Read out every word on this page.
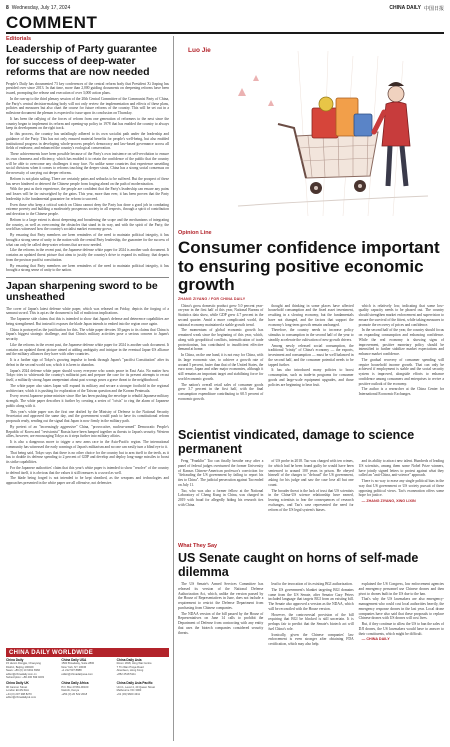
8 Wednesday, July 17, 2024	CHINA DAILY 中国日报
COMMENT
Editorials
Leadership of Party guarantee for success of deep-water reforms that are now needed

People's Daily has documented 73 key conferences of the central reform body that President Xi Jinping has presided over since 2013. In that time, more than 2,000 guiding documents on deepening reforms have been issued, prompting the release and execution of over 3,000 action plans.

In the run-up to the third plenary session of the 20th Central Committee of the Communist Party of China, the Party's central decision-making body will not only review the implementation and effects of these plans, policies and measures but also chart the course for future reforms of the country. This will be set out in a milestone document the plenum is expected to issue upon its conclusion on Thursday.

It has been the rallying of the forces of reform from one generation of reformers to the next since the country began to implement its reform and opening-up policy in 1978 that has enabled the country to always keep its development on the right track.

In this process, the country has unfailingly adhered to its own socialist path under the leadership and guidance of the Party. This has not only ensured material benefits for people's well-being, but also enabled institutional progress in developing whole-process people's democracy and law-based governance across all fields of endeavor, and enhanced the country's ecological conservation.

These achievements have been possible because of the Party's own insistence on self-revolution to ensure its own cleanness and efficiency, which has enabled it to retain the confidence of the public that the country will be able to overcome any challenges it may face. No unlike some countries that experience unsettling social divisions when it comes to reforms touching the deeper strata, China has a strong social consensus on the necessity of carrying out deeper reforms.

Reform is not plain sailing. There are certainly pains and setbacks to be suffered. But the prospect of these has never hindered or deterred the Chinese people from forging ahead on the path of modernization.

With the past as their experience, the people are confident that the Party's leadership can ensure any pains and losses will be far outweighed by the gains. This year, more than ever, it has been proven that the Party leadership is the fundamental guarantee for reform to succeed.

Even those who keep a critical watch on China cannot deny the Party has done a good job in combating extreme poverty and building a moderately prosperous society in all respects, through a spirit of contribution and devotion to the Chinese people.

Reform to a large extent is about deepening and broadening the scope and the mechanisms of integrating the country, as well as overcoming the obstacles that stand in its way, and with the spirit of the Party, the world has witnessed how the country's socialist market economy grows.

By ensuring that Party members are keen reminders of the need to maintain political integrity, it has brought a strong sense of unity to the nation with the central Party leadership, the guarantee for the success of what can only be called deep-water reforms that are now needed.

Like the reforms in the recent past, the Japanese defense white paper for 2024 is another such document. It contains an updated threat picture that aims to justify the country's drive to expand its military, that departs from the postwar pacifist constitution.

By ensuring that Party members are keen reminders of the need to maintain political integrity, it has brought a strong sense of unity to the nation.

Japan sharpening sword to be unsheathed

The cover of Japan's latest defense white paper, which was released on Friday, depicts the forging of a samurai sword. This is apt as the document is full of malicious implications.

The Japanese side claims that this is intended to show that Japan's defense and deterrence capabilities are being strengthened. But instead it exposes the blade Japan intends to embed into the region once again.

China is portrayed as the justification for this. The white paper devotes 30 pages to its claims that China is Japan's biggest strategic challenge, and that China's military activities pose a serious concern to Japan's security.

Like the reforms in the recent past, the Japanese defense white paper for 2024 is another such document. It contains an updated threat picture aimed at adding ambiguity and intrigue in the eventual Japan-US alliance and the military alliances they have with other countries.

It is a further sign of Tokyo's growing impulse to break through Japan's "pacifist Constitution" after its defeat in the second world war, which it is keen to abandon.

Japan's 2024 defense white paper should worry everyone who wants peace in East Asia. No matter how Tokyo tries to whitewash the country's militarist past and prepare the case for its present attempts to recast itself, a militarily strong Japan unrepentant about past wrongs poses a grave threat to the neighborhood.

The white paper also states Japan will expand its military and secure a stronger foothold in the regional architecture, which it is pushing for exploration of the Taiwan question and the Korean Peninsula.

Every recent Japanese prime minister since Abe has been pushing the envelope to rebuild Japanese military strength. The white paper describes it further by creating a series of "crisis" to ring the alarm of Japanese public along with it.

This year's white paper was the first one drafted by the Ministry of Defense to the National Security Secretariat and approved the same day, and the government would push to have its constitutional reform proposals ready, sending out the signal that Japan is now firmly in the military path.

By pretext of an "increasingly aggressive" China, "provocative, nuclear-armed" Democratic People's Republic of Korea and "revisionist" Russia have been lumped together as threats to Japan's security. Western allies, however, are encouraging Tokyo as it steps further into military affairs.

It is also a dangerous move to trigger a new arms race in the Asia-Pacific region. The international community has witnessed the early warnings of Japan's militarism and no one can easily turn a blind eye to it.

That being said, Tokyo says that there is no other choice for the country but to arm itself to the teeth, as it has to double its defense spending to 2 percent of GDP and develop and deploy long-range missiles to boost its strike capabilities.

For the Japanese authorities' claim that this year's white paper is intended to show "resolve" of the country to defend itself, it is obvious that the values it still treasures is a sword as well.

The blade being forged is not intended to be kept sheathed, as the weapons and technologies and approaches presented in the white paper are all offensive, not defensive.

CHINA DAILY WORLDWIDE
China Daily
15 Huixin Dongjie, Chaoyang
District, Beijing 100029
News: +86 (0) 10 6491 8366
editor@chinadaily.com.cn
Subscription: +86 400 699 0203
China Daily USA
1500 Broadway, Suite 2800
New York, NY 10036
+1 212 537 8888
editor@chinadailyusa.com
China Daily Asia
Room 1818, Hing Wai Centre
7 Tin Wan Praya Road
Aberdeen, Hong Kong
+852 2518 5111
China Daily UK
90 Cannon Street
London EC4N 6HA
+44 (0) 207 398 8270
editor@chinadailyuk.com
China Daily Africa
P.O. Box 27281-00100
Nairobi, Kenya
+254 (0) 20 522 2018
China Daily Asia Pacific
Unit 1, Level 4, 40 Queen Street
Melbourne VIC 3000
+61 (03) 9600 4311
Luo Jie
Opinion Line
Consumer confidence important to ensuring positive economic growth
ZHANG ZIYANG / FOR CHINA DAILY

China's gross domestic product grew 5.0 percent year-on-year in the first half of this year, National Bureau of Statistics data show, while GDP grew 4.7 percent in the second quarter. Amid a more complicated world, the national economy maintained a stable growth trend.

The momentum of global economic growth has remained weak since the beginning of this year, which, along with geopolitical conflicts, intensification of trade protectionism, has contributed to insufficient effective demand at home.

In China, on the one hand, it is not easy for China, with its large economic size, to achieve a growth rate of around 5 percent, faster than that of the United States, the euro zone, Japan and other major economies, although it still remains an important target and stabilizing force for world economic growth.

The nation's overall retail sales of consumer goods grew 3.7 percent in the first half, with the final consumption expenditure contributing to 60.5 percent of economic growth.

thought and thinking in some places have affected household consumption and the fixed asset investment, resulting in a slowing economy, but the fundamentals have not changed, and the factors that support the economy's long-term growth remain unchanged.

Therefore, the country needs to increase policy stimulus to consumption in the second half of the year to steadily accelerate the cultivation of new growth drivers.

Among newly released social consumption, the traditional "trinity" of China's economy — the exports, investment and consumption — must be well balanced in the second half, and the consumer potential needs to be tapped further.

It has also introduced many policies to boost consumption, such as trade-in programs for consumer goods and large-scale equipment upgrades, and those policies are beginning to bear fruit.

which is relatively low, indicating that some low-quality capacity needs to be phased out. The country should strengthen market enforcement and supervision to ensure the survival of the fittest, while taking measures to promote the recovery of prices and confidence.

In the second half of the year, the country should focus on expanding consumption and enhancing confidence. While the real economy is showing signs of improvement, positive monetary policy should be intensified to further stabilize market expectations and enhance market confidence.

The gradual recovery of consumer spending will require household income growth. That can only be achieved if employment is stable and the social security system is improved, alongside efforts to enhance confidence among consumers and enterprises to revive a positive outlook of the economy.

The author is a researcher at the China Center for International Economic Exchanges.

Scientist vindicated, damage to science permanent

Feng "Franklin" Tao can finally breathe easy after a panel of federal judges overturned the former University of Kansas Chinese-American professor's conviction for "defrauding the US government by failing to report his ties to China". The judicial persecution against Tao ended on July 11.

Tao, who was also a former fellow at the National Laboratory of Cheng Kung in China, was charged in 2019 with fraud for allegedly hiding his research ties with China.

of US probe in 2018. Tao was charged with ten crimes, for which had he been found guilty he would have been sentenced to around 100 years in prison. He obeyed himself of the charges to "defraud" the US government, asking for his judge and saw the case lose all but one count.

The broader threat is the lack of trust that US scientists in the China-US science relationship have earned, leaving scientists to fear the consequences of research exchanges, and Tao's case represented the need for reform of the US legal system's biases.

and its ability to attract new talent. Hundreds of leading US scientists, among them some Nobel Prize winners, have jointly signed letters to protest against what they called an "anti-China, anti-science" approach.

There is no way to erase any single political bias in the way that US government or US society pursuit of these opposing political views. Tao's exoneration offers some hope for justice.

— ZHANG ZIYANG, XING LIXIN

What They Say
US Senate caught on horns of self-made dilemma

The US Senate's Armed Services Committee has released its version of the National Defense Authorization Act, which, unlike the version passed by the House of Representatives in June, does not include a requirement to restrict the Defense Department from purchasing from Chinese companies.

The NDAA version of the bill passed by the House of Representatives on June 14 calls to prohibit the Department of Defense from contracting with any entity that uses the biotech companies considered security threats.

lead to the invocation of its existing BGI authorization.

The US government's blanket targeting BGI domains came from the US Senate, after Senator Gary Peters included language that targets BGI from an existing bill. The Senate also approved a version as the NDAA, which will be reconciled with the House version.

However, the controversial provision of the bill requiring that BGI be blocked is still uncertain. It is perhaps fair to predict that the Senate's biotech act will fuel China's role.

Ironically, given the Chinese companies' law enforcement is even stronger after obtaining FDA certification, which may also help.

explained the US Congress, law enforcement agencies and emergency personnel use Chinese drones and then pivot to drones built in the US due to the ban.

That's why the US lawmakers are also emergency-management who could cost local authorities heavily, the emergency response drones in the last year. Local drone companies have also said that these proposals to replace Chinese drones with US drones will cost lives.

But, if they continue to allow the US to ban the sales of DJI drones, the US lawmakers would have to answer to their constituents, which might be difficult.

— CHINA DAILY
